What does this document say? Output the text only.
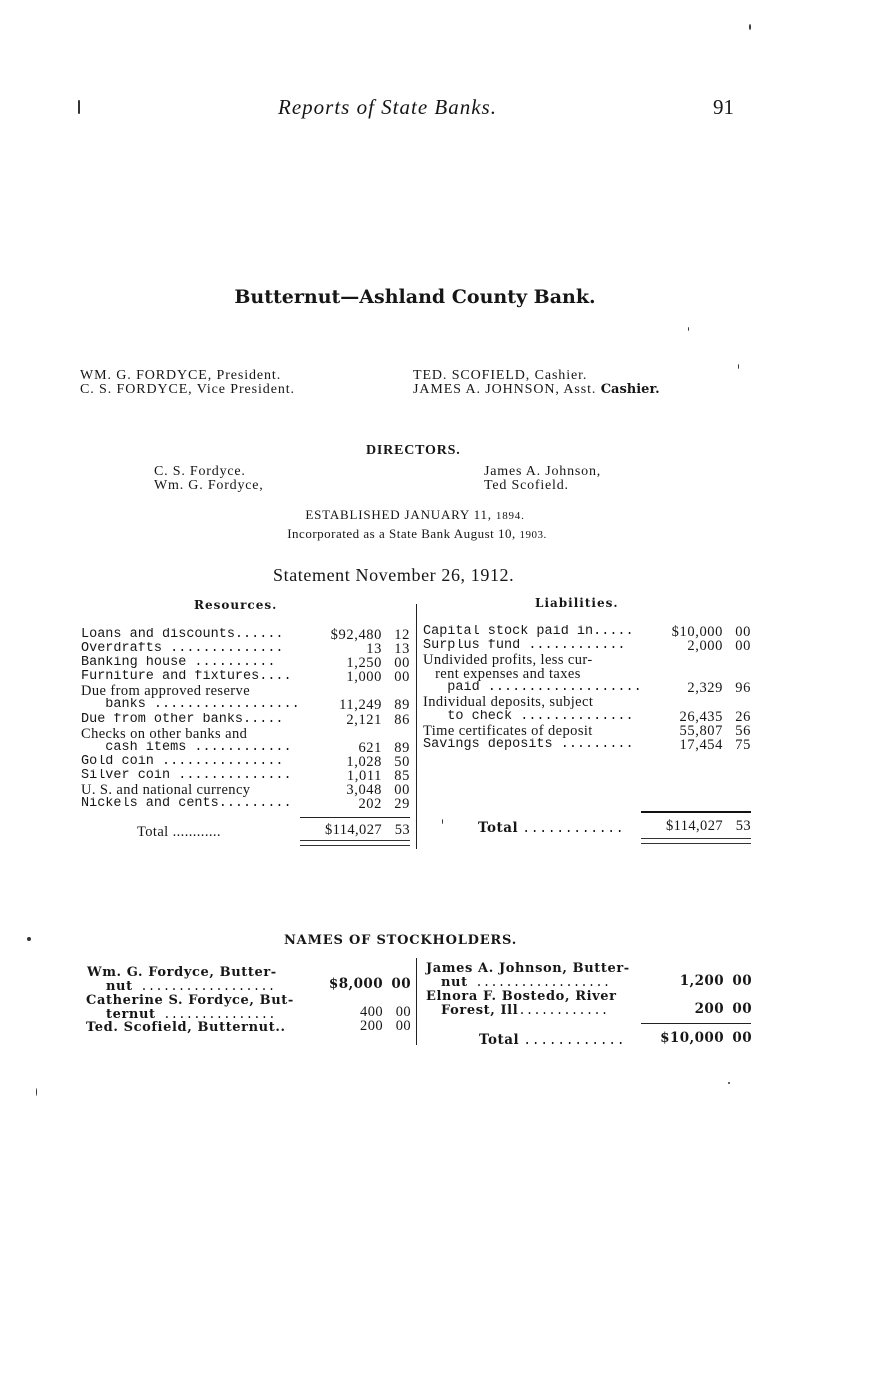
Reports of State Banks.	91
Butternut—Ashland County Bank.
WM. G. FORDYCE, President.
C. S. FORDYCE, Vice President.
TED. SCOFIELD, Cashier.
JAMES A. JOHNSON, Asst. Cashier.
DIRECTORS.
C. S. Fordyce.
Wm. G. Fordyce,
James A. Johnson,
Ted Scofield.
ESTABLISHED JANUARY 11, 1894.
Incorporated as a State Bank August 10, 1903.
Statement November 26, 1912.
Resources.	Liabilities.
Loans and discounts......	$92,480 12
Overdrafts ..............	13 13
Banking house ..........	1,250 00
Furniture and fixtures....	1,000 00
Due from approved reserve
banks ..................	11,249 89
Due from other banks.....	2,121 86
Checks on other banks and
cash items ............	621 89
Gold coin ...............	1,028 50
Silver coin ..............	1,011 85
U. S. and national currency	3,048 00
Nickels and cents.........	202 29
Capital stock paid in.....	$10,000 00
Surplus fund ............	2,000 00
Undivided profits, less cur-
rent expenses and taxes
paid ...................	2,329 96
Individual deposits, subject
to check ..............	26,435 26
Time certificates of deposit	55,807 56
Savings deposits .........	17,454 75
Total ............	$114,027 53	Total ............	$114,027 53
NAMES OF STOCKHOLDERS.
Wm. G. Fordyce, Butter-
nut ..................	$8,000 00
Catherine S. Fordyce, But-
ternut ...............	400 00
Ted. Scofield, Butternut..	200 00
James A. Johnson, Butter-
nut ..................	1,200 00
Elnora F. Bostedo, River
Forest, Ill............	200 00
Total ............	$10,000 00
